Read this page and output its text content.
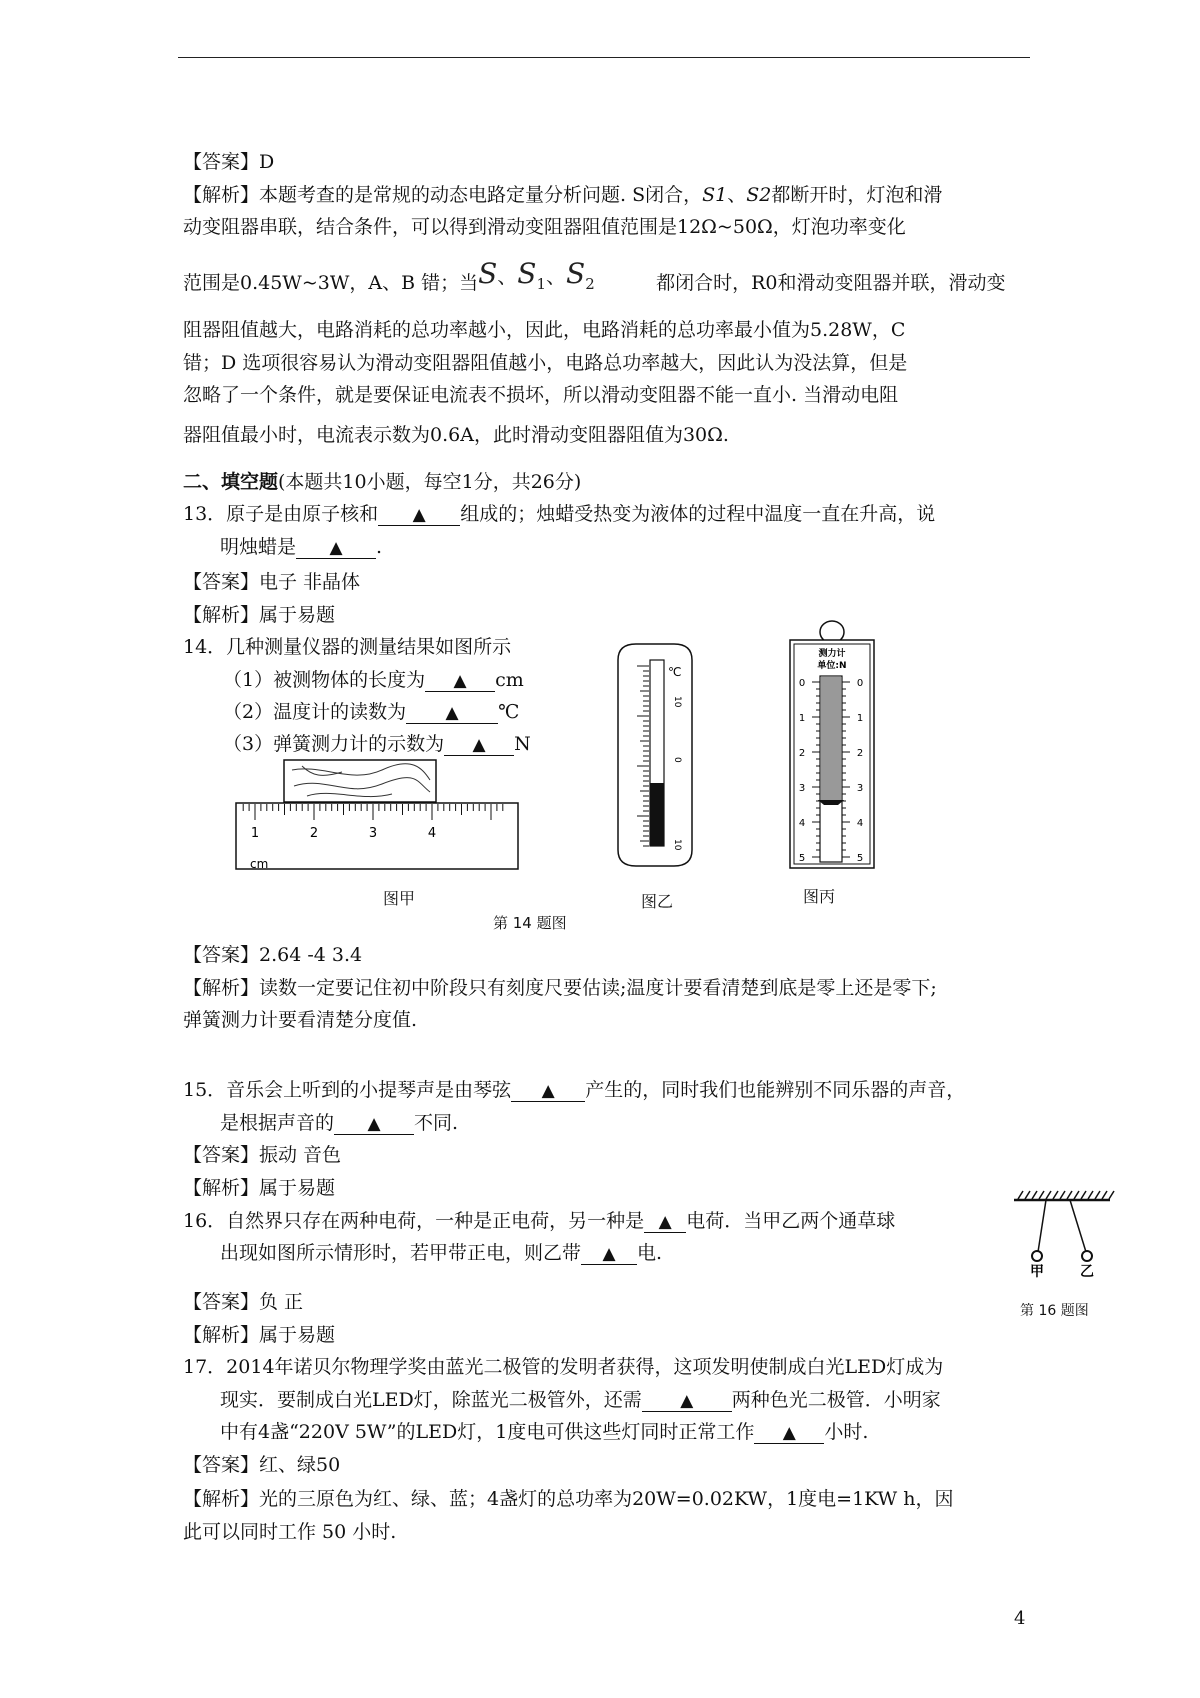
【答案】D
【解析】本题考查的是常规的动态电路定量分析问题. S闭合，S1、S2都断开时，灯泡和滑
动变阻器串联，结合条件，可以得到滑动变阻器阻值范围是12Ω~50Ω，灯泡功率变化
范围是0.45W~3W，A、B 错；当S、$S_1$、$S_2$	都闭合时，R0和滑动变阻器并联，滑动变
阻器阻值越大，电路消耗的总功率越小，因此，电路消耗的总功率最小值为5.28W，C
错；D 选项很容易认为滑动变阻器阻值越小，电路总功率越大，因此认为没法算，但是
忽略了一个条件，就是要保证电流表不损坏，所以滑动变阻器不能一直小. 当滑动电阻
器阻值最小时，电流表示数为0.6A，此时滑动变阻器阻值为30Ω.
二、填空题(本题共10小题，每空1分，共26分)
13．原子是由原子核和 ▲ 组成的；烛蜡受热变为液体的过程中温度一直在升高，说
明烛蜡是 ▲ .
【答案】电子 非晶体
【解析】属于易题
14．几种测量仪器的测量结果如图所示
（1）被测物体的长度为 ▲ cm
（2）温度计的读数为 ▲ ℃
（3）弹簧测力计的示数为 ▲ N
1	2	3	4
cm
℃
10
0
10
测力计
单位:N
0	0
1	1
2	2
3	3
4	4
5	5
图甲	图乙	图丙
第 14 题图
【答案】2.64 -4 3.4
【解析】读数一定要记住初中阶段只有刻度尺要估读;温度计要看清楚到底是零上还是零下;
弹簧测力计要看清楚分度值.
15．音乐会上听到的小提琴声是由琴弦 ▲ 产生的，同时我们也能辨别不同乐器的声音，
是根据声音的 ▲ 不同.
【答案】振动 音色
【解析】属于易题
16．自然界只存在两种电荷，一种是正电荷，另一种是 ▲ 电荷．当甲乙两个通草球
出现如图所示情形时，若甲带正电，则乙带 ▲ 电.
甲	乙
第 16 题图
【答案】负 正
【解析】属于易题
17．2014年诺贝尔物理学奖由蓝光二极管的发明者获得，这项发明使制成白光LED灯成为
现实．要制成白光LED灯，除蓝光二极管外，还需 ▲ 两种色光二极管．小明家
中有4盏“220V 5W”的LED灯，1度电可供这些灯同时正常工作 ▲ 小时.
【答案】红、绿50
【解析】光的三原色为红、绿、蓝；4盏灯的总功率为20W=0.02KW，1度电=1KW h，因
此可以同时工作 50 小时.
4
